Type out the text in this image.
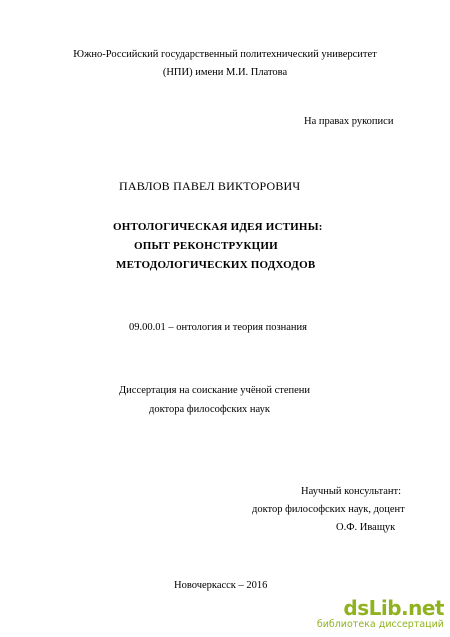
Южно-Российский государственный политехнический университет
(НПИ) имени М.И. Платова
На правах рукописи
ПАВЛОВ ПАВЕЛ ВИКТОРОВИЧ
ОНТОЛОГИЧЕСКАЯ ИДЕЯ ИСТИНЫ:
ОПЫТ РЕКОНСТРУКЦИИ
МЕТОДОЛОГИЧЕСКИХ ПОДХОДОВ
09.00.01 – онтология и теория познания
Диссертация на соискание учёной степени
доктора философских наук
Научный консультант:
доктор философских наук, доцент
О.Ф. Иващук
Новочеркасск – 2016
dsLib.net
библиотека диссертаций
